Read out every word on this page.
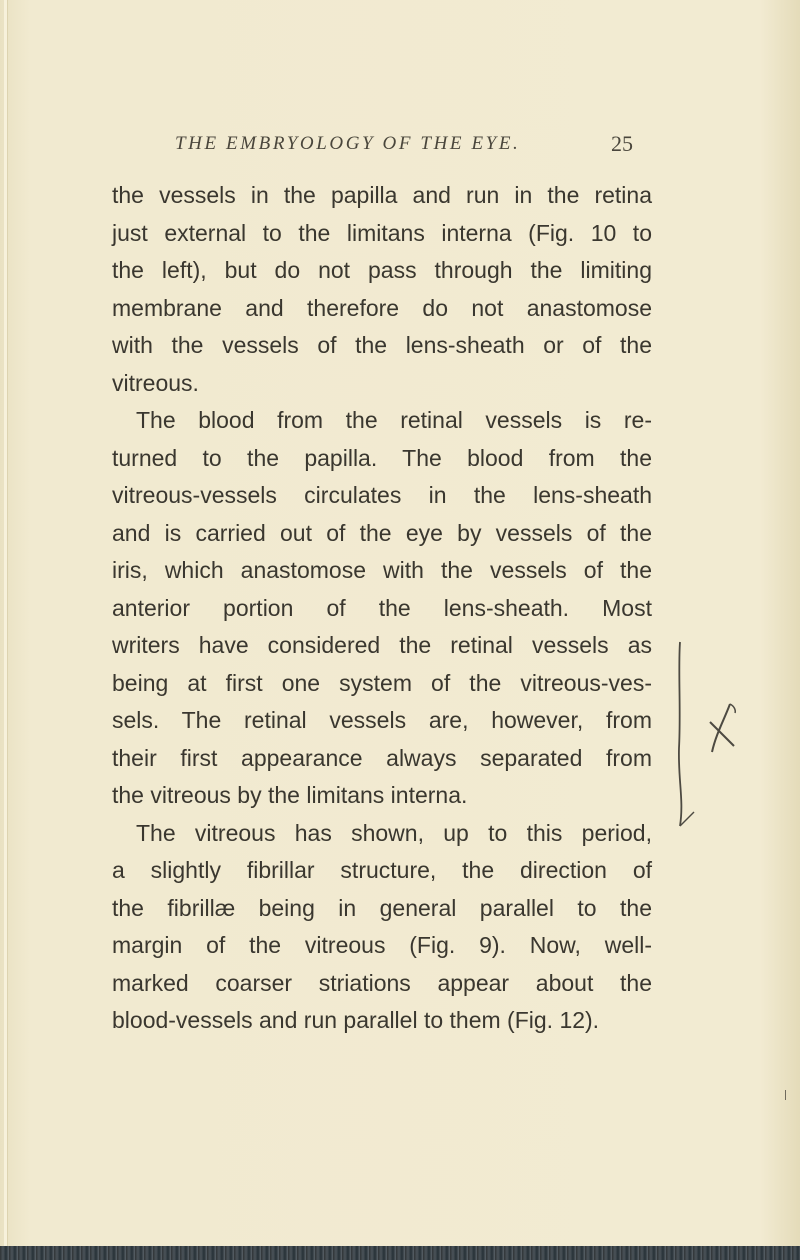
THE EMBRYOLOGY OF THE EYE.	25
the vessels in the papilla and run in the retina
just external to the limitans interna (Fig. 10 to
the left), but do not pass through the limiting
membrane and therefore do not anastomose
with the vessels of the lens-sheath or of the
vitreous.
The blood from the retinal vessels is re-
turned to the papilla. The blood from the
vitreous-vessels circulates in the lens-sheath
and is carried out of the eye by vessels of the
iris, which anastomose with the vessels of the
anterior portion of the lens-sheath. Most
writers have considered the retinal vessels as
being at first one system of the vitreous-ves-
sels. The retinal vessels are, however, from
their first appearance always separated from
the vitreous by the limitans interna.
The vitreous has shown, up to this period,
a slightly fibrillar structure, the direction of
the fibrillæ being in general parallel to the
margin of the vitreous (Fig. 9). Now, well-
marked coarser striations appear about the
blood-vessels and run parallel to them (Fig. 12).
